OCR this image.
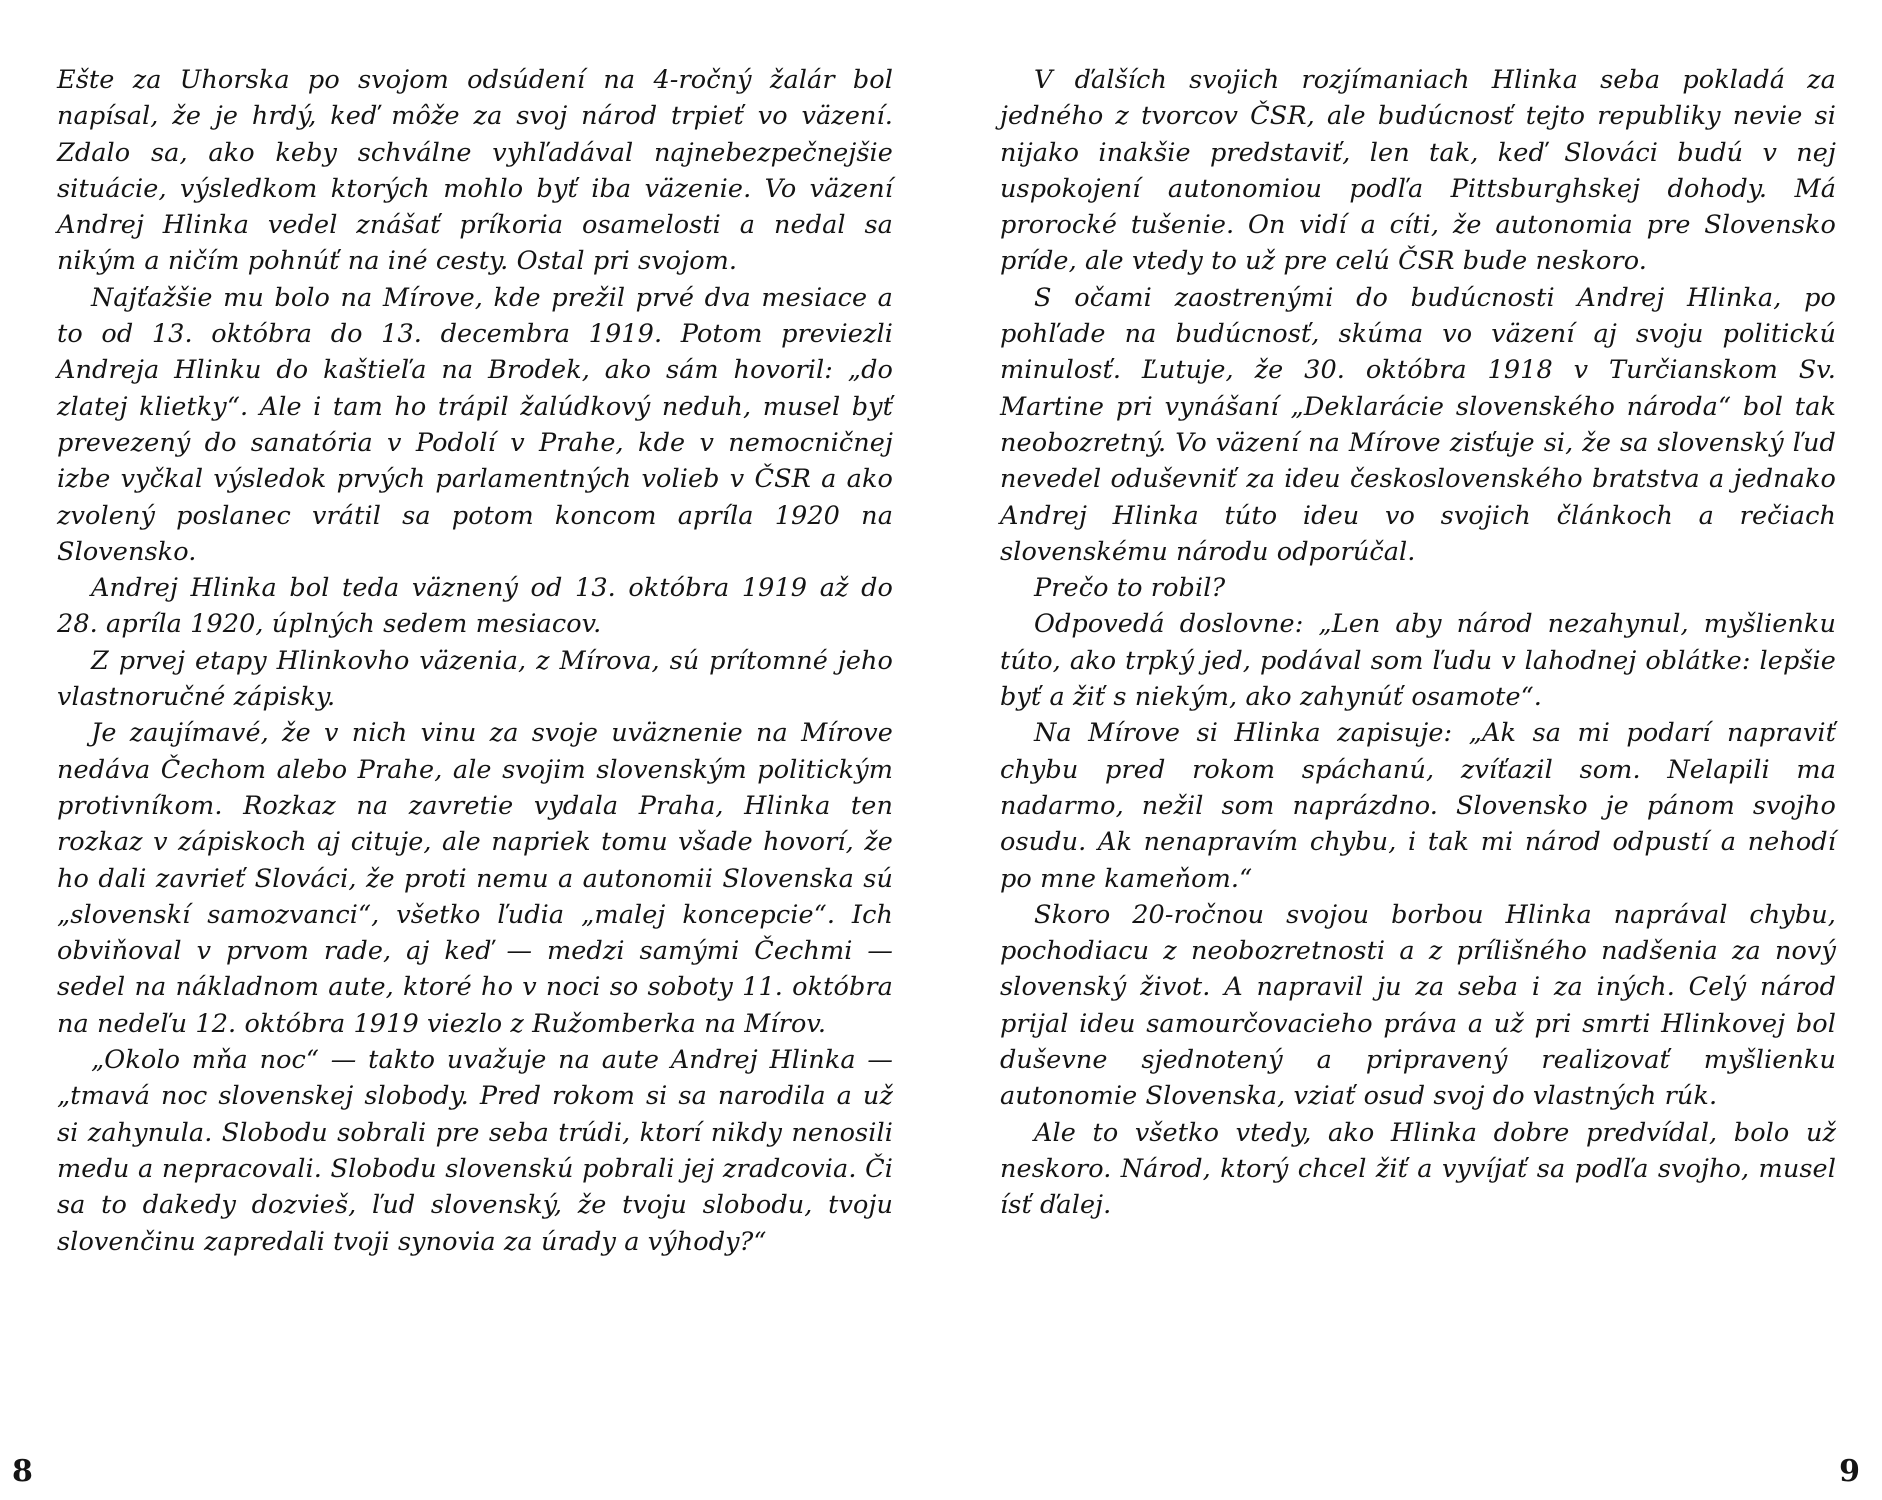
Ešte za Uhorska po svojom odsúdení na 4-ročný žalár bol napísal, že je hrdý, keď môže za svoj národ trpieť vo väzení. Zdalo sa, ako keby schválne vyhľadával najnebezpečnejšie situácie, výsledkom ktorých mohlo byť iba väzenie. Vo väzení Andrej Hlinka vedel znášať príkoria osamelosti a nedal sa nikým a ničím pohnúť na iné cesty. Ostal pri svojom.

Najťažšie mu bolo na Mírove, kde prežil prvé dva mesiace a to od 13. októbra do 13. decembra 1919. Potom previezli Andreja Hlinku do kaštieľa na Brodek, ako sám hovoril: „do zlatej klietky“. Ale i tam ho trápil žalúdkový neduh, musel byť prevezený do sanatória v Podolí v Prahe, kde v nemocničnej izbe vyčkal výsledok prvých parlamentných volieb v ČSR a ako zvolený poslanec vrátil sa potom koncom apríla 1920 na Slovensko.

Andrej Hlinka bol teda väznený od 13. októbra 1919 až do 28. apríla 1920, úplných sedem mesiacov.

Z prvej etapy Hlinkovho väzenia, z Mírova, sú prítomné jeho vlastnoručné zápisky.

Je zaujímavé, že v nich vinu za svoje uväznenie na Mírove nedáva Čechom alebo Prahe, ale svojim slovenským politickým protivníkom. Rozkaz na zavretie vydala Praha, Hlinka ten rozkaz v zápiskoch aj cituje, ale napriek tomu všade hovorí, že ho dali zavrieť Slováci, že proti nemu a autonomii Slovenska sú „slovenskí samozvanci“, všetko ľudia „malej koncepcie“. Ich obviňoval v prvom rade, aj keď — medzi samými Čechmi — sedel na nákladnom aute, ktoré ho v noci so soboty 11. októbra na nedeľu 12. októbra 1919 viezlo z Ružomberka na Mírov.

„Okolo mňa noc“ — takto uvažuje na aute Andrej Hlinka — „tmavá noc slovenskej slobody. Pred rokom si sa narodila a už si zahynula. Slobodu sobrali pre seba trúdi, ktorí nikdy nenosili medu a nepracovali. Slobodu slovenskú pobrali jej zradcovia. Či sa to dakedy dozvieš, ľud slovenský, že tvoju slobodu, tvoju slovenčinu zapredali tvoji synovia za úrady a výhody?“

V ďalších svojich rozjímaniach Hlinka seba pokladá za jedného z tvorcov ČSR, ale budúcnosť tejto republiky nevie si nijako inakšie predstaviť, len tak, keď Slováci budú v nej uspokojení autonomiou podľa Pittsburghskej dohody. Má prorocké tušenie. On vidí a cíti, že autonomia pre Slovensko príde, ale vtedy to už pre celú ČSR bude neskoro.

S očami zaostrenými do budúcnosti Andrej Hlinka, po pohľade na budúcnosť, skúma vo väzení aj svoju politickú minulosť. Ľutuje, že 30. októbra 1918 v Turčianskom Sv. Martine pri vynášaní „Deklarácie slovenského národa“ bol tak neobozretný. Vo väzení na Mírove zisťuje si, že sa slovenský ľud nevedel oduševniť za ideu československého bratstva a jednako Andrej Hlinka túto ideu vo svojich článkoch a rečiach slovenskému národu odporúčal.

Prečo to robil?

Odpovedá doslovne: „Len aby národ nezahynul, myšlienku túto, ako trpký jed, podával som ľudu v lahodnej oblátke: lepšie byť a žiť s niekým, ako zahynúť osamote“.

Na Mírove si Hlinka zapisuje: „Ak sa mi podarí napraviť chybu pred rokom spáchanú, zvíťazil som. Nelapili ma nadarmo, nežil som naprázdno. Slovensko je pánom svojho osudu. Ak nenapravím chybu, i tak mi národ odpustí a nehodí po mne kameňom.“

Skoro 20-ročnou svojou borbou Hlinka naprával chybu, pochodiacu z neobozretnosti a z prílišného nadšenia za nový slovenský život. A napravil ju za seba i za iných. Celý národ prijal ideu samourčovacieho práva a už pri smrti Hlinkovej bol duševne sjednotený a pripravený realizovať myšlienku autonomie Slovenska, vziať osud svoj do vlastných rúk.

Ale to všetko vtedy, ako Hlinka dobre predvídal, bolo už neskoro. Národ, ktorý chcel žiť a vyvíjať sa podľa svojho, musel ísť ďalej.

8	9
